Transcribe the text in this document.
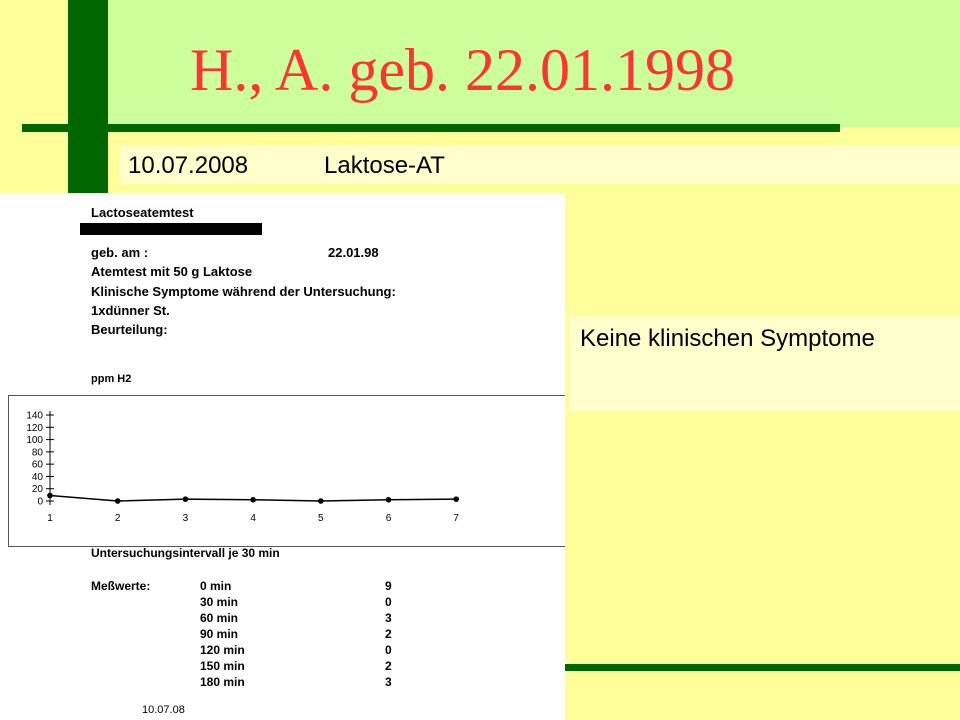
H., A. geb. 22.01.1998
10.07.2008	Laktose-AT
Keine klinischen Symptome
Lactoseatemtest
geb. am :	22.01.98
Atemtest mit 50 g Laktose
Klinische Symptome während der Untersuchung:
1xdünner St.
Beurteilung:
ppm H2
0
20
40
60
80
100
120
140
1	2	3	4	5	6	7
Untersuchungsintervall je 30 min
Meßwerte:	0 min	9
30 min	0
60 min	3
90 min	2
120 min	0
150 min	2
180 min	3
10.07.08
